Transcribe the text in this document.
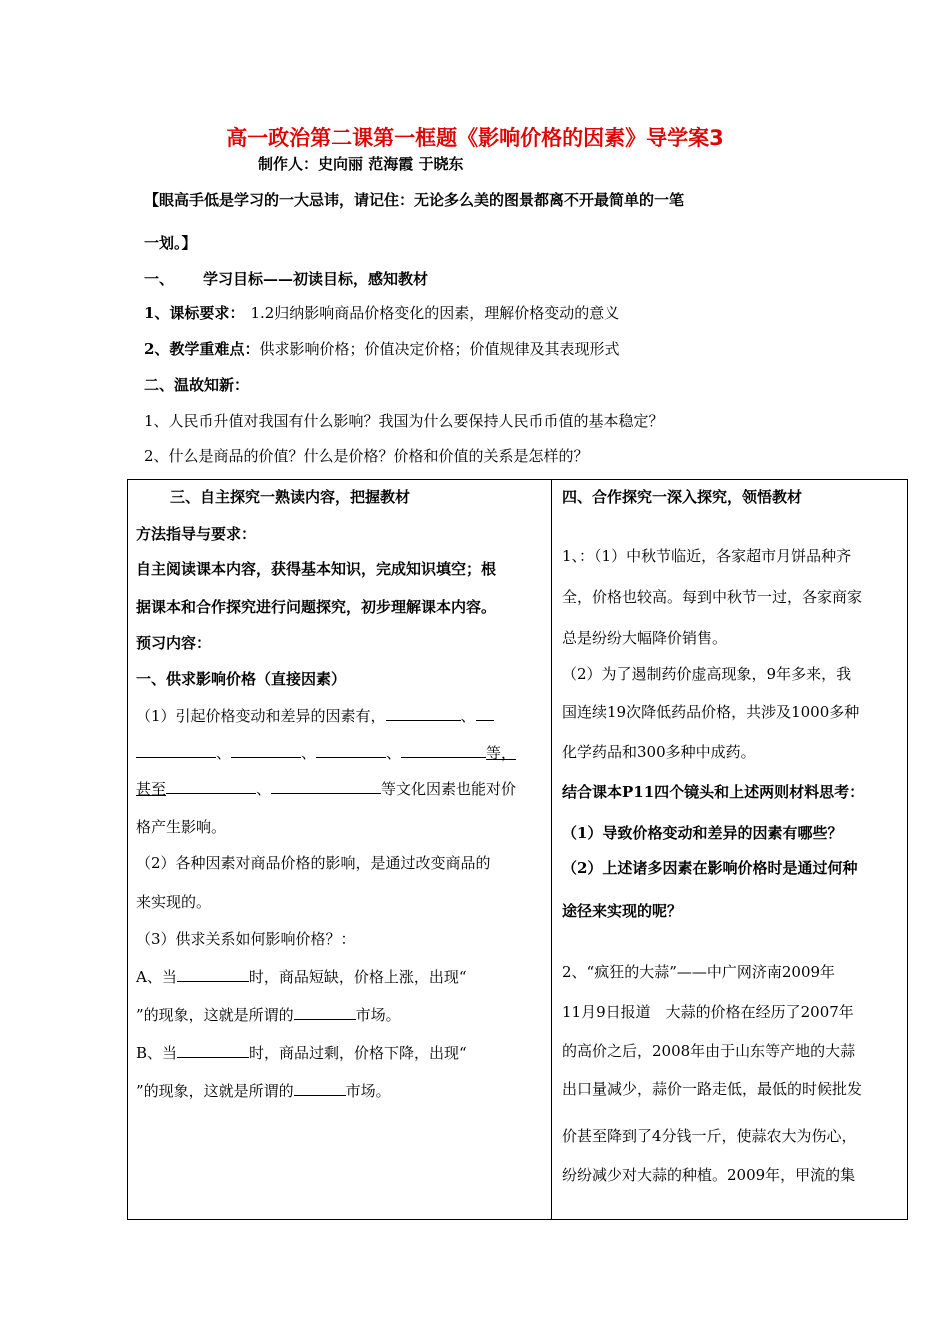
高一政治第二课第一框题《影响价格的因素》导学案3
制作人：史向丽 范海霞 于晓东
【眼高手低是学习的一大忌讳，请记住：无论多么美的图景都离不开最简单的一笔
一划。】
一、 学习目标——初读目标，感知教材
1、课标要求： 1.2归纳影响商品价格变化的因素，理解价格变动的意义
2、教学重难点：供求影响价格；价值决定价格；价值规律及其表现形式
二、温故知新：
1、人民币升值对我国有什么影响？我国为什么要保持人民币币值的基本稳定？
2、什么是商品的价值？什么是价格？价格和价值的关系是怎样的？
三、自主探究一熟读内容，把握教材
方法指导与要求：
自主阅读课本内容，获得基本知识，完成知识填空；根
据课本和合作探究进行问题探究，初步理解课本内容。
预习内容：
一、供求影响价格（直接因素）
（1）引起价格变动和差异的因素有，	、
、	、	、	等，
甚至	、	等文化因素也能对价
格产生影响。
（2）各种因素对商品价格的影响，是通过改变商品的
来实现的。
（3）供求关系如何影响价格？：
A、当	时，商品短缺，价格上涨，出现“
”的现象，这就是所谓的	市场。
B、当	时，商品过剩，价格下降，出现“
”的现象，这就是所谓的	市场。

四、合作探究一深入探究，领悟教材
1、：（1）中秋节临近，各家超市月饼品种齐
全，价格也较高。每到中秋节一过，各家商家
总是纷纷大幅降价销售。
（2）为了遏制药价虚高现象，9年多来，我
国连续19次降低药品价格，共涉及1000多种
化学药品和300多种中成药。
结合课本P11四个镜头和上述两则材料思考：
（1）导致价格变动和差异的因素有哪些？
（2）上述诸多因素在影响价格时是通过何种
途径来实现的呢？
2、“疯狂的大蒜”——中广网济南2009年
11月9日报道　大蒜的价格在经历了2007年
的高价之后，2008年由于山东等产地的大蒜
出口量减少，蒜价一路走低，最低的时候批发
价甚至降到了4分钱一斤，使蒜农大为伤心，
纷纷减少对大蒜的种植。2009年，甲流的集
